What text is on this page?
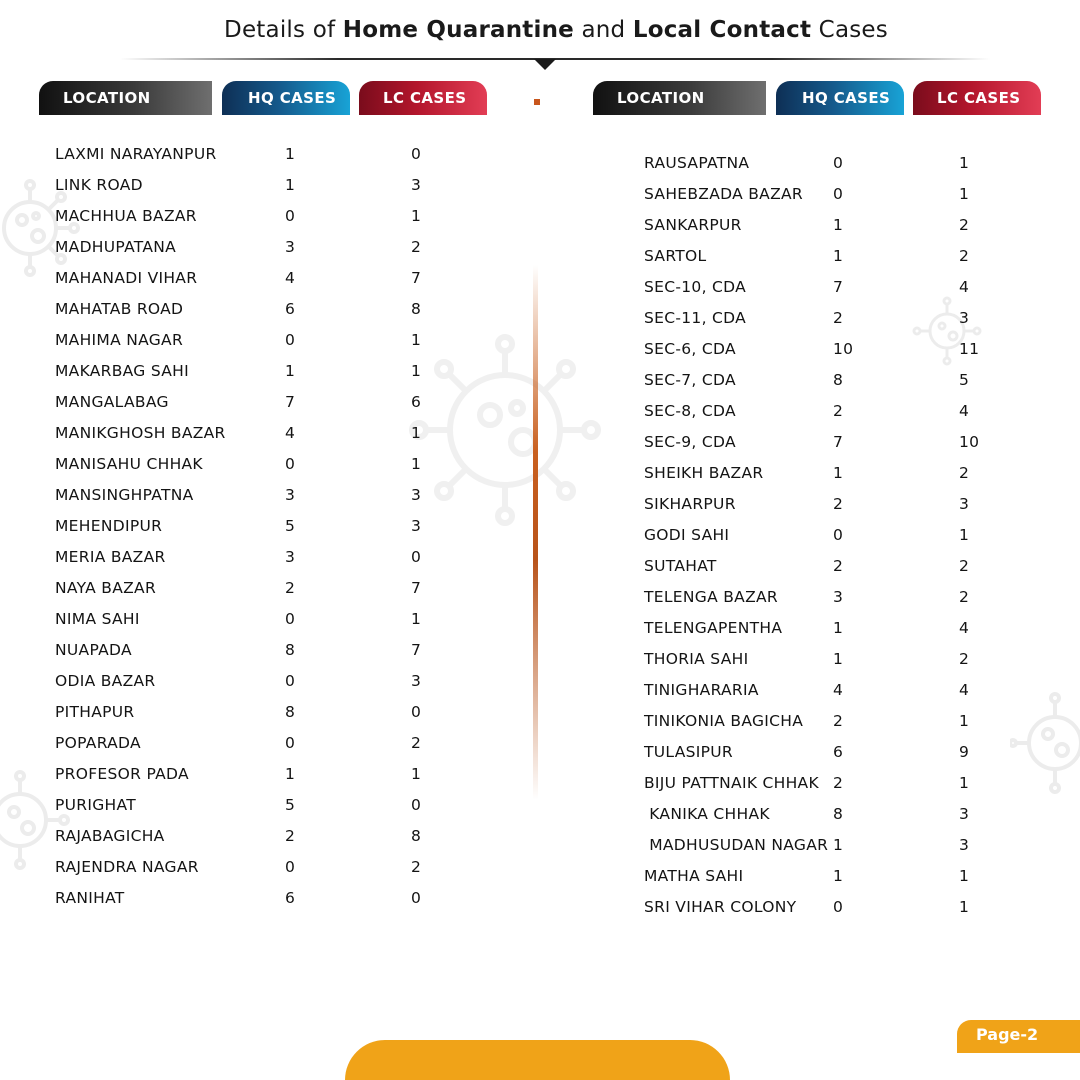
Details of Home Quarantine and Local Contact Cases
LOCATION	HQ CASES	LC CASES	LOCATION	HQ CASES	LC CASES
LAXMI NARAYANPUR	1	0
LINK ROAD	1	3
MACHHUA BAZAR	0	1
MADHUPATANA	3	2
MAHANADI VIHAR	4	7
MAHATAB ROAD	6	8
MAHIMA NAGAR	0	1
MAKARBAG SAHI	1	1
MANGALABAG	7	6
MANIKGHOSH BAZAR	4	1
MANISAHU CHHAK	0	1
MANSINGHPATNA	3	3
MEHENDIPUR	5	3
MERIA BAZAR	3	0
NAYA BAZAR	2	7
NIMA SAHI	0	1
NUAPADA	8	7
ODIA BAZAR	0	3
PITHAPUR	8	0
POPARADA	0	2
PROFESOR PADA	1	1
PURIGHAT	5	0
RAJABAGICHA	2	8
RAJENDRA NAGAR	0	2
RANIHAT	6	0
RAUSAPATNA	0	1
SAHEBZADA BAZAR 0	1
SANKARPUR	1	2
SARTOL	1	2
SEC-10, CDA	7	4
SEC-11, CDA	2	3
SEC-6, CDA	10	11
SEC-7, CDA	8	5
SEC-8, CDA	2	4
SEC-9, CDA	7	10
SHEIKH BAZAR	1	2
SIKHARPUR	2	3
GODI SAHI	0	1
SUTAHAT	2	2
TELENGA BAZAR	3	2
TELENGAPENTHA	1	4
THORIA SAHI	1	2
TINIGHARARIA	4	4
TINIKONIA BAGICHA 2	1
TULASIPUR	6	9
BIJU PATTNAIK CHHAK 2	1
KANIKA CHHAK	8	3
MADHUSUDAN NAGAR 1	3
MATHA SAHI	1	1
SRI VIHAR COLONY 0	1
Page-2
